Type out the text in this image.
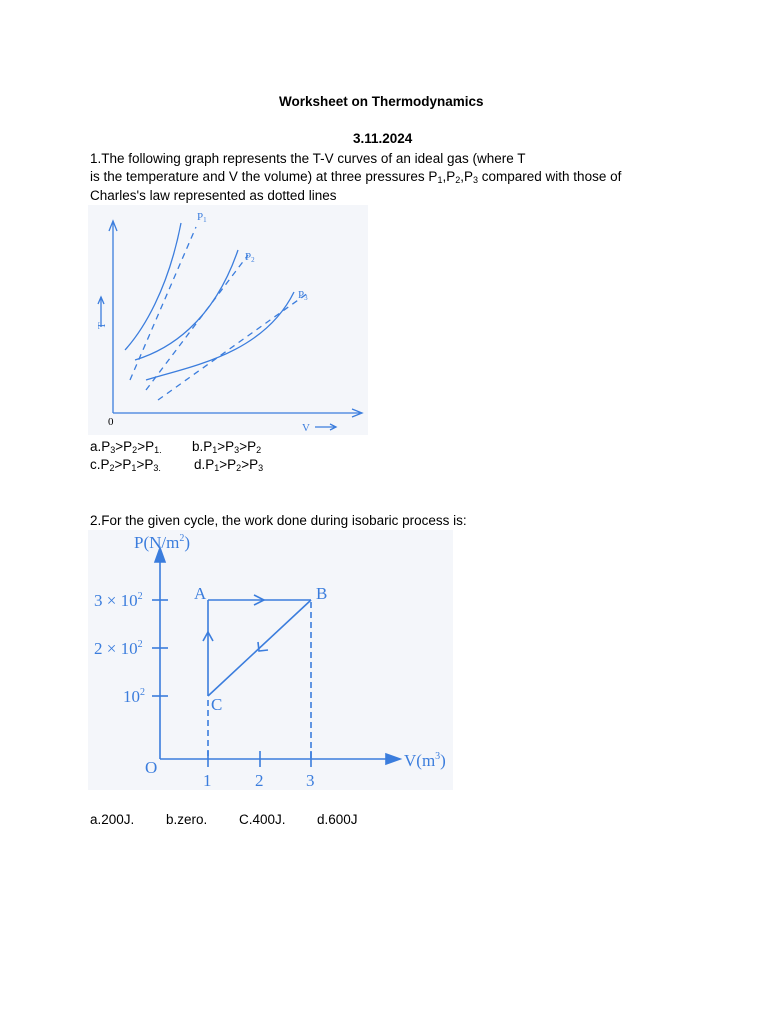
Worksheet on Thermodynamics
3.11.2024
1.The following graph represents the T-V curves of an ideal gas (where T
is the temperature and V the volume) at three pressures $P_1,P_2,P_3$ compared with those of
Charles's law represented as dotted lines
T
V
P1
P2
P3
0
$a.P_3>P_2>P_{1.}$ $b.P_1>P_3>P_2$
$c.P_2>P_1>P_{3.}$ $d.P_1>P_2>P_3$
2.For the given cycle, the work done during isobaric process is:
$P(N/m^2)$
$V(m^3)$
O
$3 \times 10^2$
$2 \times 10^2$
$10^2$
1	2	3
A	B
C
a.200J. b.zero. C.400J. d.600J
